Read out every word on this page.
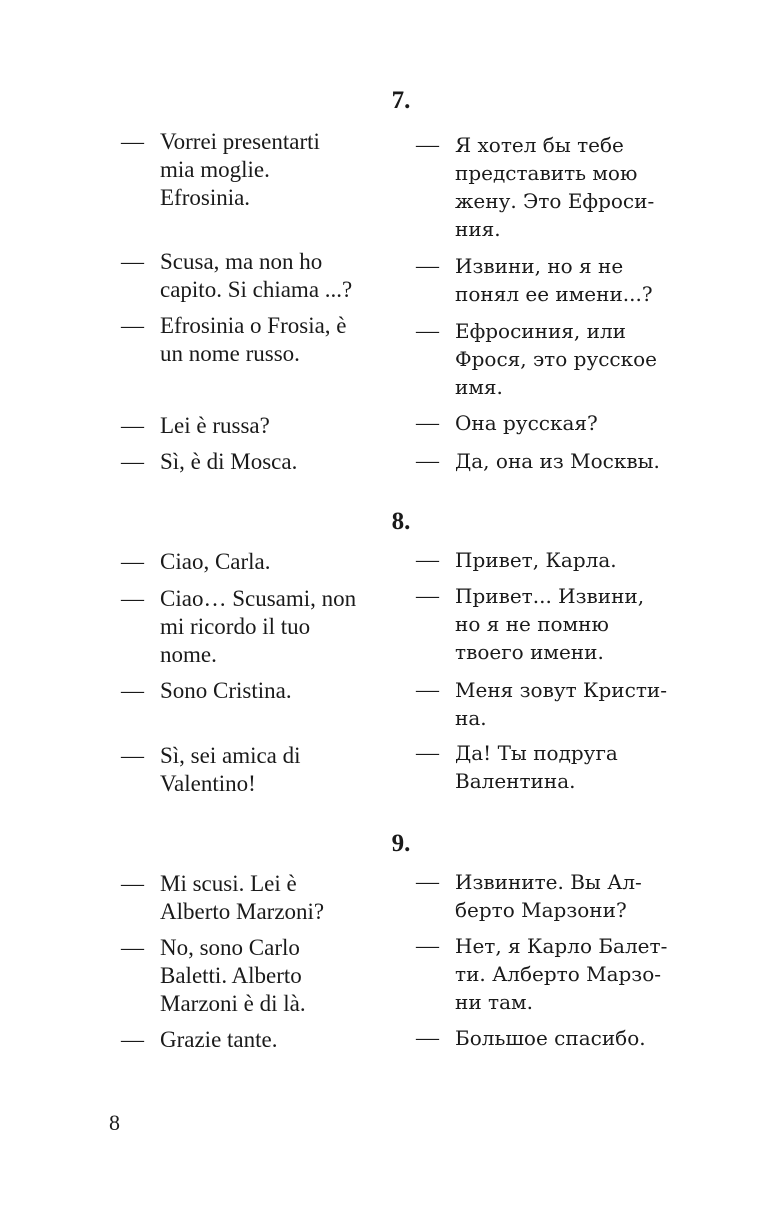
7.
— Vorrei presentarti
mia moglie.
Efrosinia.
— Scusa, ma non ho
capito. Si chiama ...?
— Efrosinia o Frosia, è
un nome russo.
— Lei è russa?
— Sì, è di Mosca.
— Я хотел бы тебе
представить мою
жену. Это Ефроси-
ния.
— Извини, но я не
понял ее имени...?
— Ефросиния, или
Фрося, это русское
имя.
— Она русская?
— Да, она из Москвы.
8.
— Ciao, Carla.
— Ciao… Scusami, non
mi ricordo il tuo
nome.
— Sono Cristina.
— Sì, sei amica di
Valentino!
— Привет, Карла.
— Привет... Извини,
но я не помню
твоего имени.
— Меня зовут Кристи-
на.
— Да! Ты подруга
Валентина.
9.
— Mi scusi. Lei è
Alberto Marzoni?
— No, sono Carlo
Baletti. Alberto
Marzoni è di là.
— Grazie tante.
— Извините. Вы Ал-
берто Марзони?
— Нет, я Карло Балет-
ти. Алберто Марзо-
ни там.
— Большое спасибо.
8
